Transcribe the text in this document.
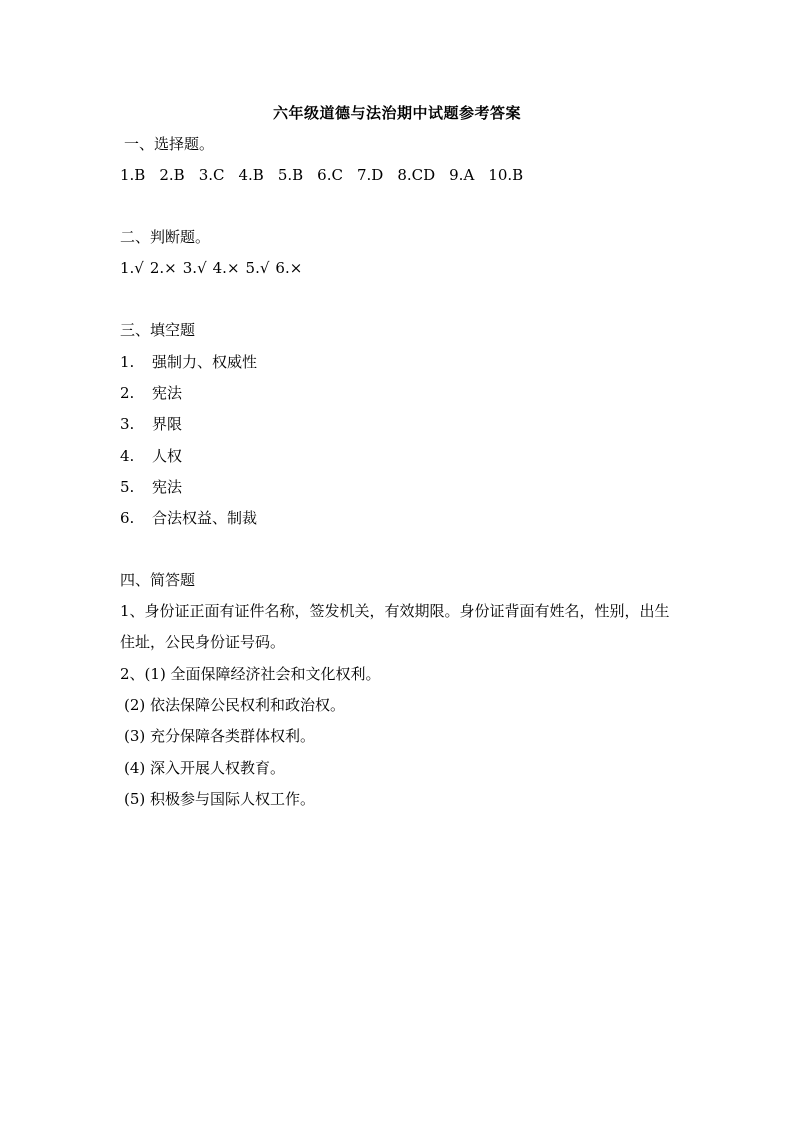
六年级道德与法治期中试题参考答案
一、选择题。
1.B 2.B 3.C 4.B 5.B 6.C 7.D 8.CD 9.A 10.B
二、判断题。
1.√ 2.× 3.√ 4.× 5.√ 6.×
三、填空题
1. 强制力、权威性
2. 宪法
3. 界限
4. 人权
5. 宪法
6. 合法权益、制裁
四、简答题
1、身份证正面有证件名称，签发机关，有效期限。身份证背面有姓名，性别，出生住址，公民身份证号码。
2、(1) 全面保障经济社会和文化权利。
(2) 依法保障公民权利和政治权。
(3) 充分保障各类群体权利。
(4) 深入开展人权教育。
(5) 积极参与国际人权工作。
